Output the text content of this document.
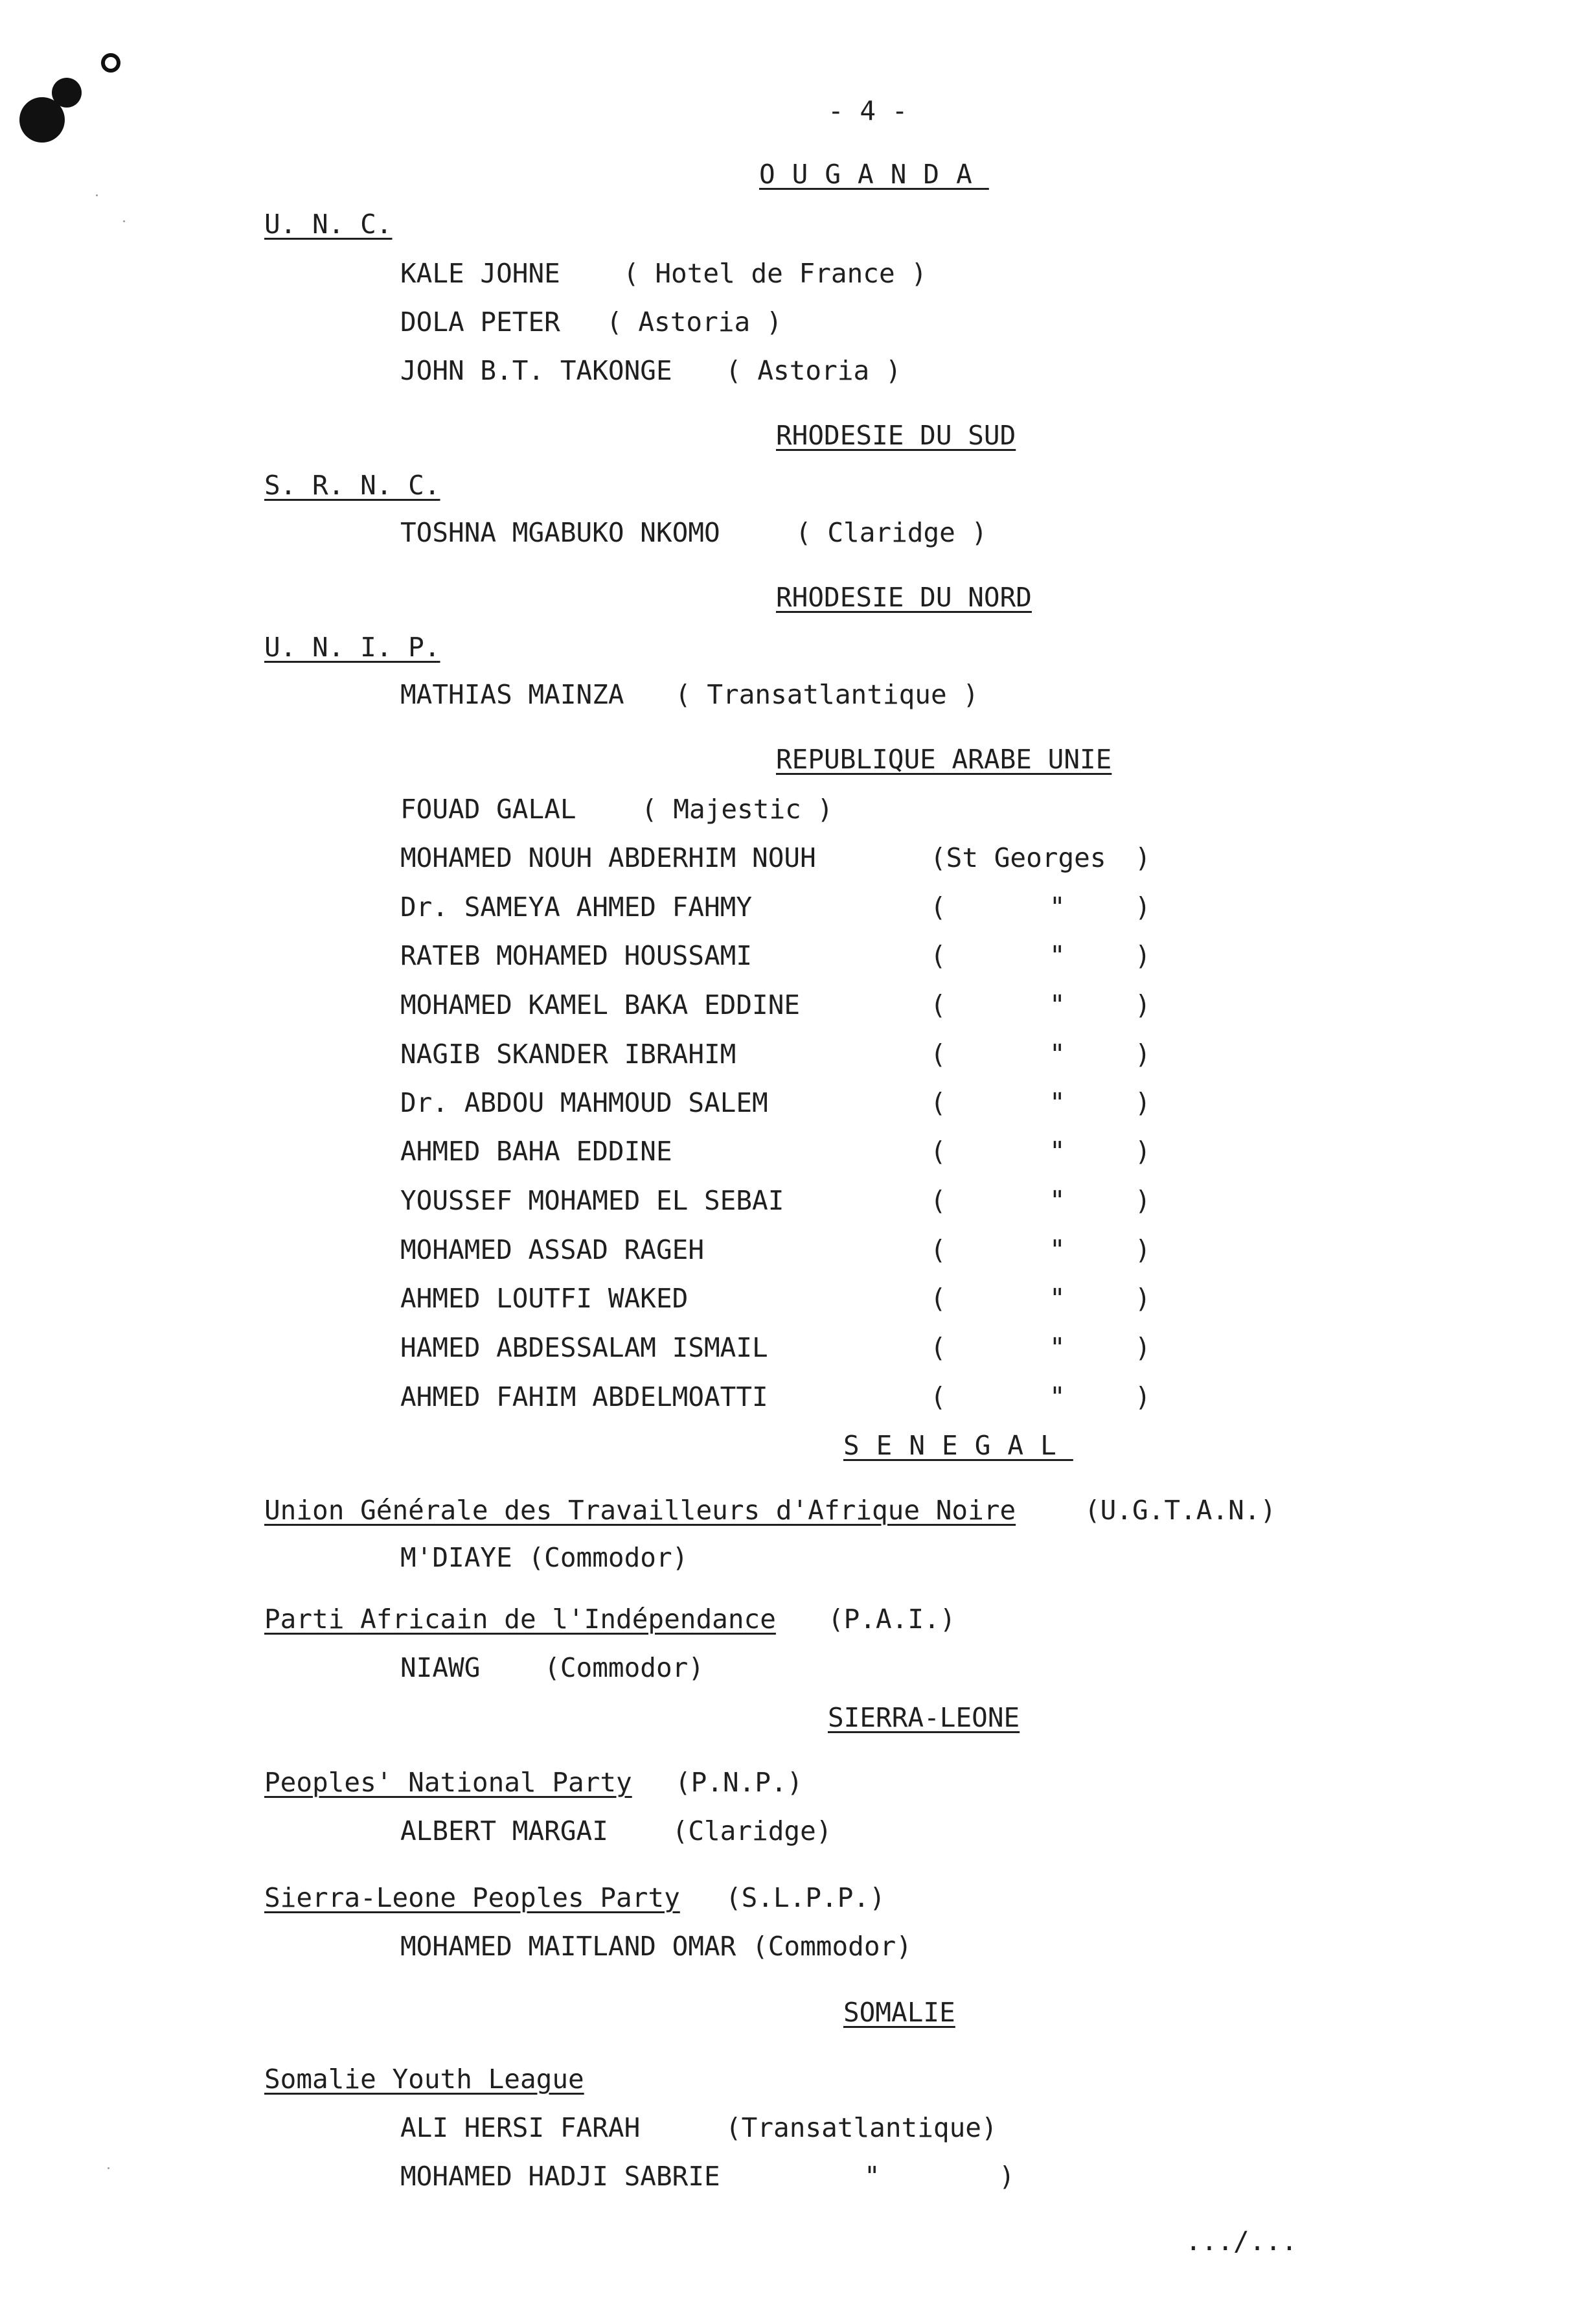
- 4 -
OUGANDA
U. N. C.
KALE JOHNE ( Hotel de France )
DOLA PETER ( Astoria )
JOHN B.T. TAKONGE ( Astoria )
RHODESIE DU SUD
S. R. N. C.
TOSHNA MGABUKO NKOMO	( Claridge )
RHODESIE DU NORD
U. N. I. P.
MATHIAS MAINZA ( Transatlantique )
REPUBLIQUE ARABE UNIE
FOUAD GALAL ( Majestic )
MOHAMED NOUH ABDERHIM NOUH	(St Georges )
Dr. SAMEYA AHMED FAHMY	(	"	)
RATEB MOHAMED HOUSSAMI	(	"	)
MOHAMED KAMEL BAKA EDDINE	(	"	)
NAGIB SKANDER IBRAHIM	(	"	)
Dr. ABDOU MAHMOUD SALEM	(	"	)
AHMED BAHA EDDINE	(	"	)
YOUSSEF MOHAMED EL SEBAI	(	"	)
MOHAMED ASSAD RAGEH	(	"	)
AHMED LOUTFI WAKED	(	"	)
HAMED ABDESSALAM ISMAIL	(	"	)
AHMED FAHIM ABDELMOATTI	(	"	)
SENEGAL
Union Générale des Travailleurs d'Afrique Noire	(U.G.T.A.N.)
M'DIAYE (Commodor)
Parti Africain de l'Indépendance (P.A.I.)
NIAWG    (Commodor)
SIERRA-LEONE
Peoples' National Party (P.N.P.)
ALBERT MARGAI    (Claridge)
Sierra-Leone Peoples Party (S.L.P.P.)
MOHAMED MAITLAND OMAR (Commodor)
SOMALIE
Somalie Youth League
ALI HERSI FARAH	(Transatlantique)
MOHAMED HADJI SABRIE	"	)
.../...
